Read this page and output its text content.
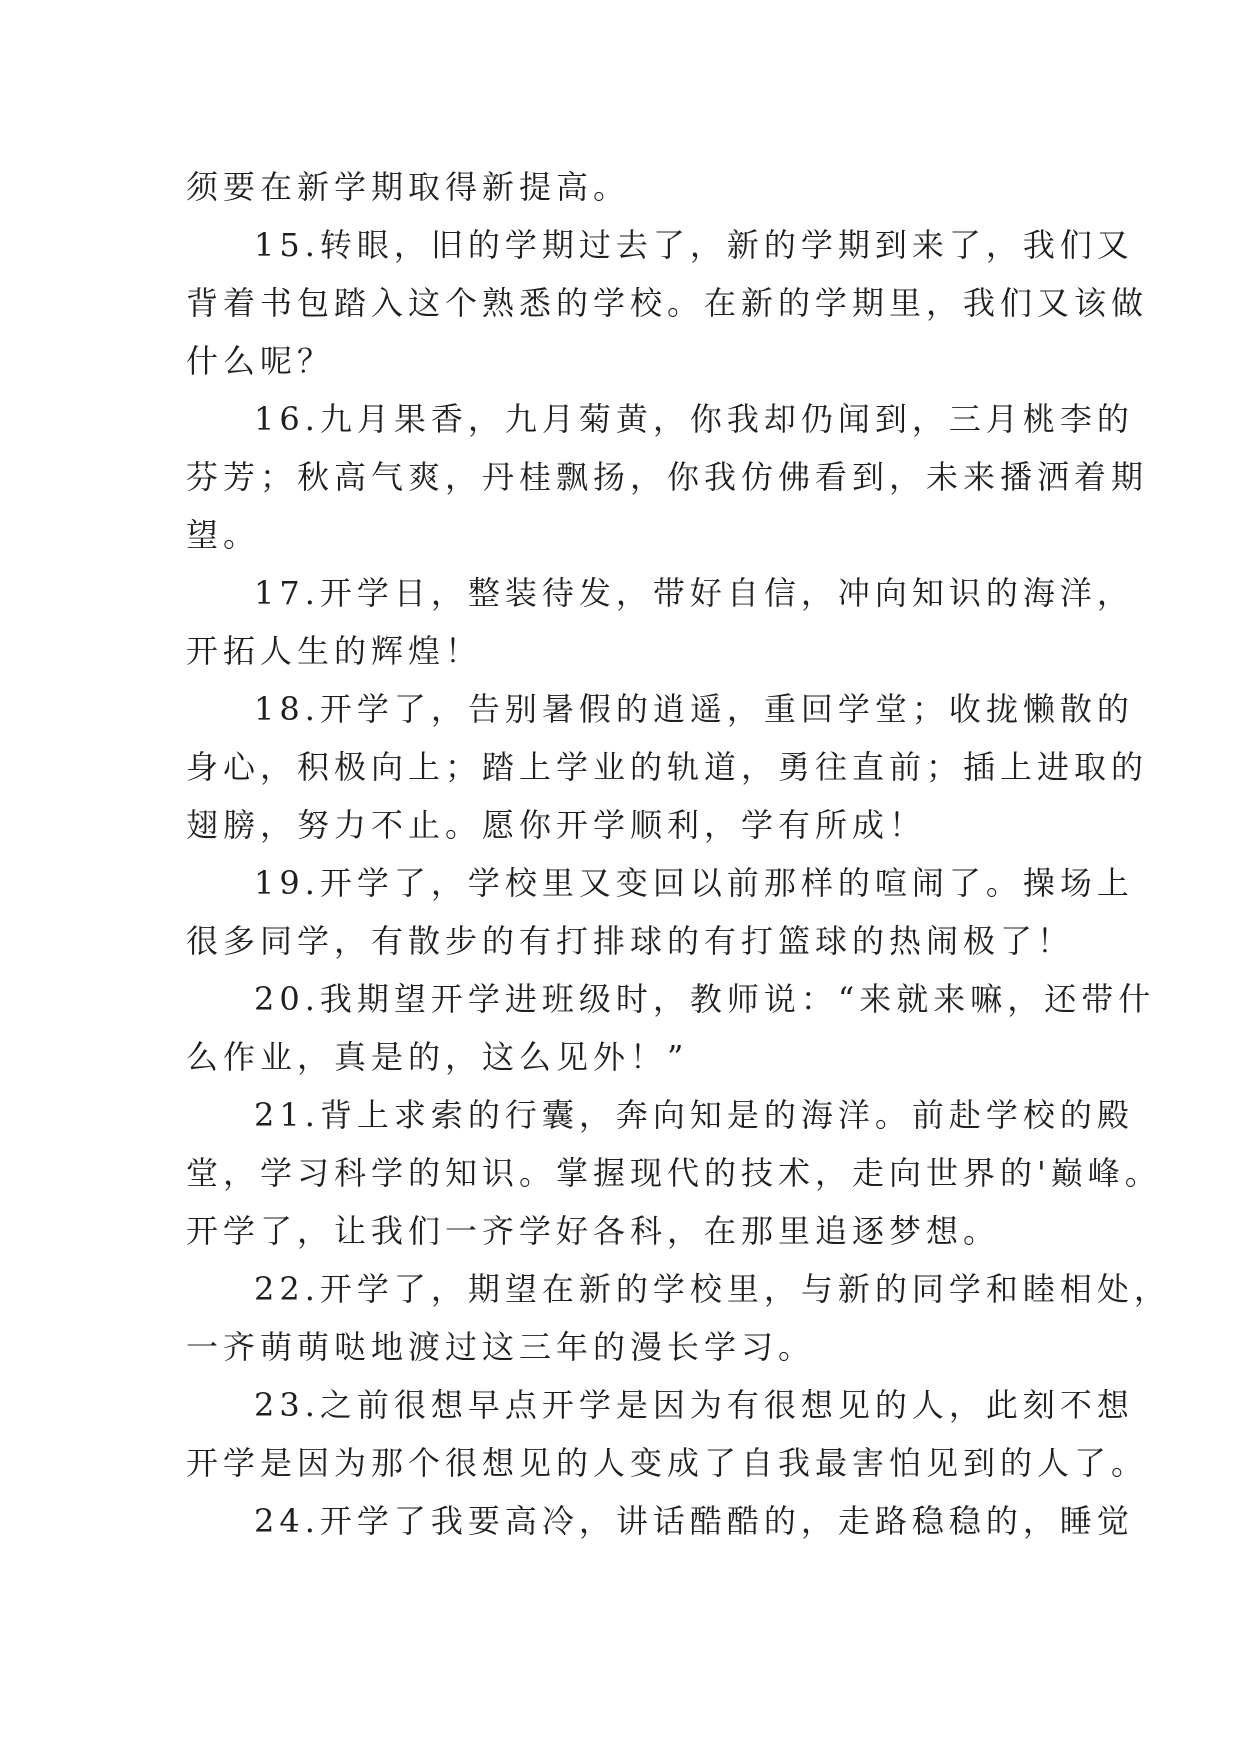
须要在新学期取得新提高。
15.转眼，旧的学期过去了，新的学期到来了，我们又
背着书包踏入这个熟悉的学校。在新的学期里，我们又该做
什么呢？
16.九月果香，九月菊黄，你我却仍闻到，三月桃李的
芬芳；秋高气爽，丹桂飘扬，你我仿佛看到，未来播洒着期
望。
17.开学日，整装待发，带好自信，冲向知识的海洋，
开拓人生的辉煌！
18.开学了，告别暑假的逍遥，重回学堂；收拢懒散的
身心，积极向上；踏上学业的轨道，勇往直前；插上进取的
翅膀，努力不止。愿你开学顺利，学有所成！
19.开学了，学校里又变回以前那样的喧闹了。操场上
很多同学，有散步的有打排球的有打篮球的热闹极了！
20.我期望开学进班级时，教师说：“来就来嘛，还带什
么作业，真是的，这么见外！”
21.背上求索的行囊，奔向知是的海洋。前赴学校的殿
堂，学习科学的知识。掌握现代的技术，走向世界的'巅峰。
开学了，让我们一齐学好各科，在那里追逐梦想。
22.开学了，期望在新的学校里，与新的同学和睦相处，
一齐萌萌哒地渡过这三年的漫长学习。
23.之前很想早点开学是因为有很想见的人，此刻不想
开学是因为那个很想见的人变成了自我最害怕见到的人了。
24.开学了我要高冷，讲话酷酷的，走路稳稳的，睡觉
